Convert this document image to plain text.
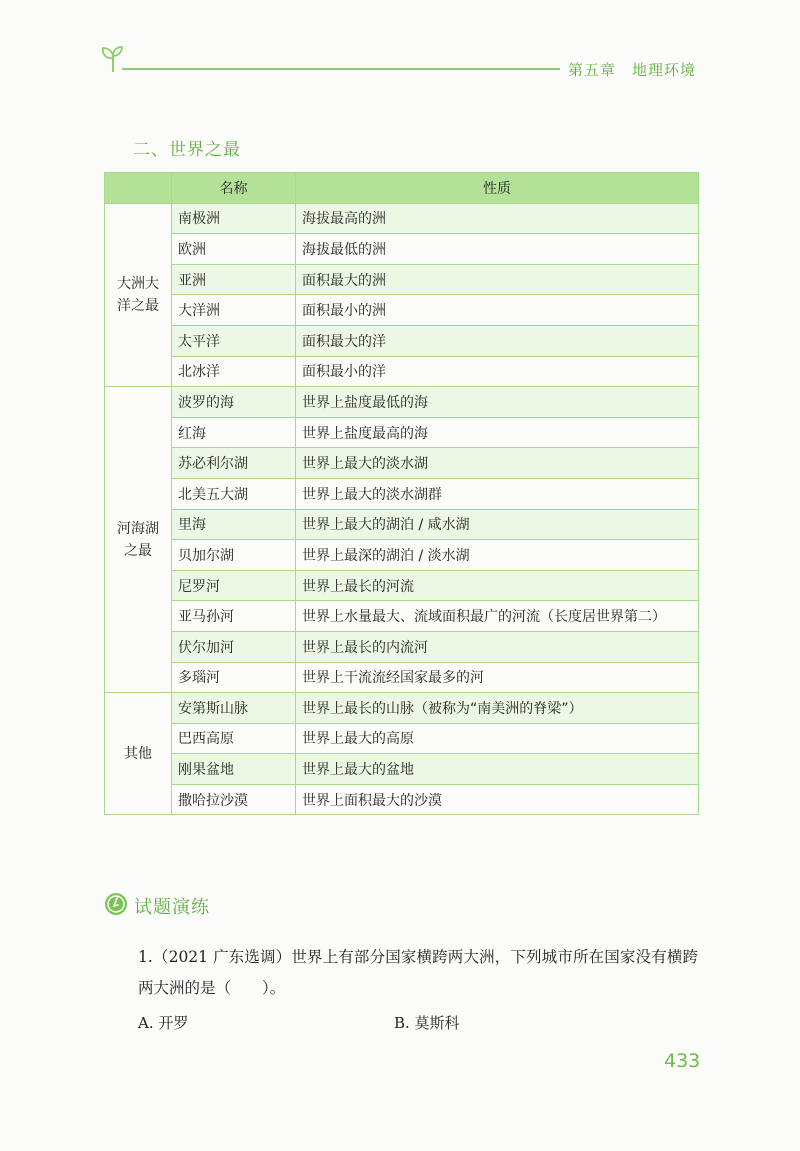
第五章　地理环境
二、世界之最
	名称	性质

大洲大
洋之最	南极洲	海拔最高的洲
	欧洲	海拔最低的洲
	亚洲	面积最大的洲
	大洋洲	面积最小的洲
	太平洋	面积最大的洋
	北冰洋	面积最小的洋

河海湖
之最	波罗的海	世界上盐度最低的海
	红海	世界上盐度最高的海
	苏必利尔湖	世界上最大的淡水湖
	北美五大湖	世界上最大的淡水湖群
	里海	世界上最大的湖泊 / 咸水湖
	贝加尔湖	世界上最深的湖泊 / 淡水湖
	尼罗河	世界上最长的河流
	亚马孙河	世界上水量最大、流域面积最广的河流（长度居世界第二）
	伏尔加河	世界上最长的内流河
	多瑙河	世界上干流流经国家最多的河

其他	安第斯山脉	世界上最长的山脉（被称为“南美洲的脊梁”）
	巴西高原	世界上最大的高原
	刚果盆地	世界上最大的盆地
	撒哈拉沙漠	世界上面积最大的沙漠
试题演练
1.（2021 广东选调）世界上有部分国家横跨两大洲，下列城市所在国家没有横跨两大洲的是（　　）。
A. 开罗	B. 莫斯科
433
